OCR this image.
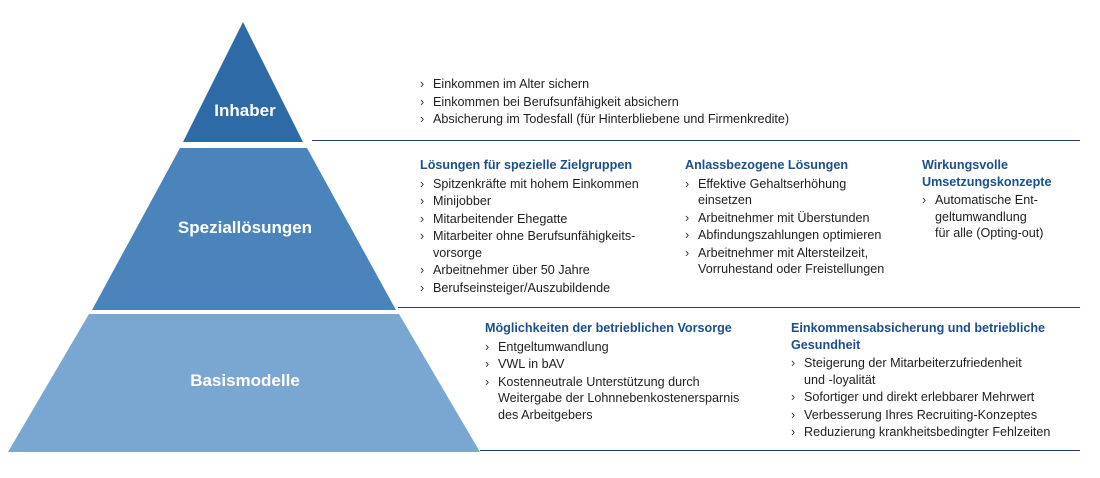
Inhaber
Speziallösungen
Basismodelle
› Einkommen im Alter sichern
› Einkommen bei Berufsunfähigkeit absichern
› Absicherung im Todesfall (für Hinterbliebene und Firmenkredite)
Lösungen für spezielle Zielgruppen
› Spitzenkräfte mit hohem Einkommen
› Minijobber
› Mitarbeitender Ehegatte
› Mitarbeiter ohne Berufsunfähigkeits-
vorsorge
› Arbeitnehmer über 50 Jahre
› Berufseinsteiger/Auszubildende
Anlassbezogene Lösungen
› Effektive Gehaltserhöhung
einsetzen
› Arbeitnehmer mit Überstunden
› Abfindungszahlungen optimieren
› Arbeitnehmer mit Altersteilzeit,
Vorruhestand oder Freistellungen
Wirkungsvolle
Umsetzungskonzepte
› Automatische Ent-
geltumwandlung
für alle (Opting-out)
Möglichkeiten der betrieblichen Vorsorge
› Entgeltumwandlung
› VWL in bAV
› Kostenneutrale Unterstützung durch
Weitergabe der Lohnnebenkostenersparnis
des Arbeitgebers
Einkommensabsicherung und betriebliche
Gesundheit
› Steigerung der Mitarbeiterzufriedenheit
und -loyalität
› Sofortiger und direkt erlebbarer Mehrwert
› Verbesserung Ihres Recruiting-Konzeptes
› Reduzierung krankheitsbedingter Fehlzeiten
